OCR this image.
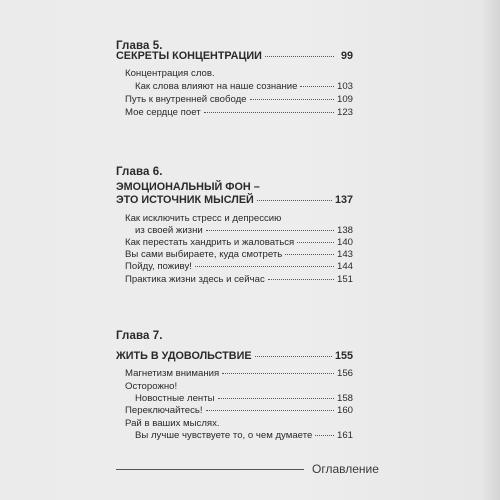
Глава 5.
СЕКРЕТЫ КОНЦЕНТРАЦИИ	99
Концентрация слов.
Как слова влияют на наше сознание	103
Путь к внутренней свободе	109
Мое сердце поет	123
Глава 6.
ЭМОЦИОНАЛЬНЫЙ ФОН –
ЭТО ИСТОЧНИК МЫСЛЕЙ	137
Как исключить стресс и депрессию
из своей жизни	138
Как перестать хандрить и жаловаться	140
Вы сами выбираете, куда смотреть	143
Пойду, поживу!	144
Практика жизни здесь и сейчас	151
Глава 7.
ЖИТЬ В УДОВОЛЬСТВИЕ	155
Магнетизм внимания	156
Осторожно!
Новостные ленты	158
Переключайтесь!	160
Рай в ваших мыслях.
Вы лучше чувствуете то, о чем думаете	161
Оглавление
